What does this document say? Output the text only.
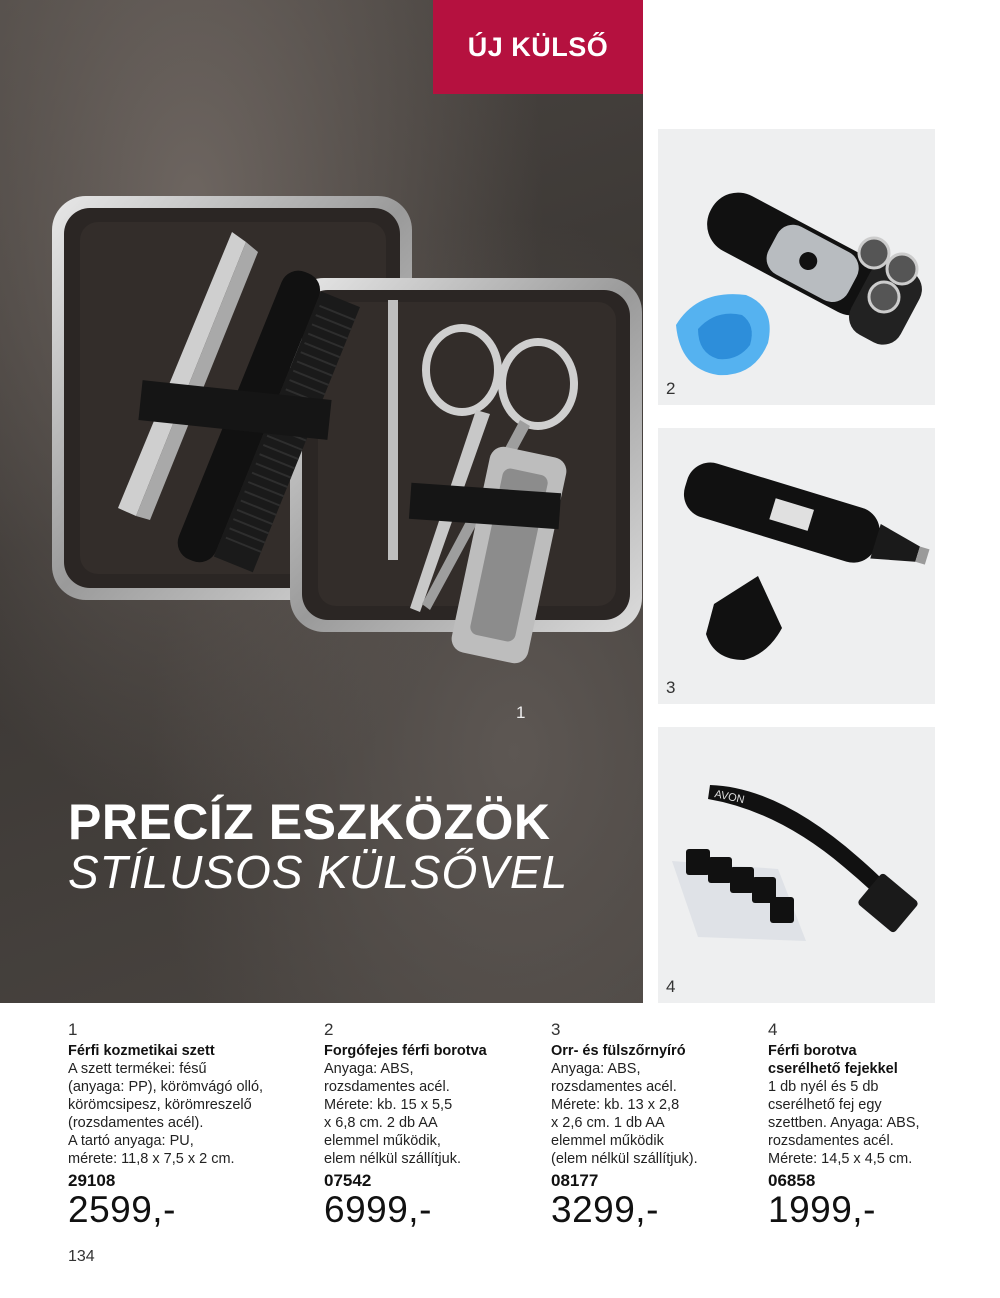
ÚJ KÜLSŐ
1
PRECÍZ ESZKÖZÖK
STÍLUSOS KÜLSŐVEL
2
3
AVON
4
1
Férfi kozmetikai szett
A szett termékei: fésű
(anyaga: PP), körömvágó olló,
körömcsipesz, körömreszelő
(rozsdamentes acél).
A tartó anyaga: PU,
mérete: 11,8 x 7,5 x 2 cm.
29108
2599,-
2
Forgófejes férfi borotva
Anyaga: ABS,
rozsdamentes acél.
Mérete: kb. 15 x 5,5
x 6,8 cm. 2 db AA
elemmel működik,
elem nélkül szállítjuk.
07542
6999,-
3
Orr- és fülszőrnyíró
Anyaga: ABS,
rozsdamentes acél.
Mérete: kb. 13 x 2,8
x 2,6 cm. 1 db AA
elemmel működik
(elem nélkül szállítjuk).
08177
3299,-
4
Férfi borotva
cserélhető fejekkel
1 db nyél és 5 db
cserélhető fej egy
szettben. Anyaga: ABS,
rozsdamentes acél.
Mérete: 14,5 x 4,5 cm.
06858
1999,-
134
